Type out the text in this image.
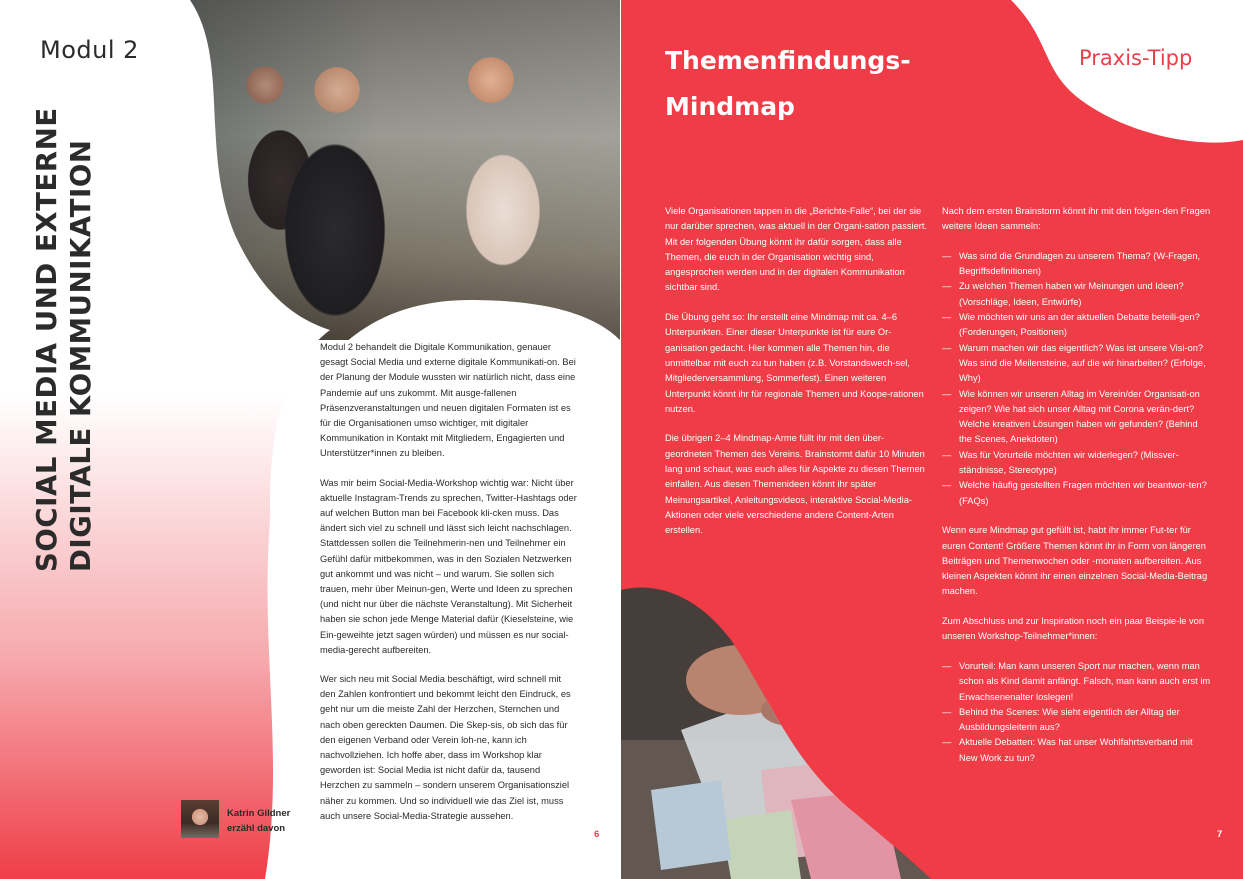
Modul 2
SOCIAL MEDIA UND EXTERNE DIGITALE KOMMUNIKATION	Modul 2 behandelt die Digitale Kommunikation, genauer gesagt Social Media und externe digitale Kommunikati-on. Bei der Planung der Module wussten wir natürlich nicht, dass eine Pandemie auf uns zukommt. Mit ausge-fallenen Präsenzveranstaltungen und neuen digitalen Formaten ist es für die Organisationen umso wichtiger, mit digitaler Kommunikation in Kontakt mit Mitgliedern, Engagierten und Unterstützer*innen zu bleiben.

Was mir beim Social-Media-Workshop wichtig war: Nicht über aktuelle Instagram-Trends zu sprechen, Twitter-Hashtags oder auf welchen Button man bei Facebook kli-cken muss. Das ändert sich viel zu schnell und lässt sich leicht nachschlagen. Stattdessen sollen die Teilnehmerin-nen und Teilnehmer ein Gefühl dafür mitbekommen, was in den Sozialen Netzwerken gut ankommt und was nicht – und warum. Sie sollen sich trauen, mehr über Meinun-gen, Werte und Ideen zu sprechen (und nicht nur über die nächste Veranstaltung). Mit Sicherheit haben sie schon jede Menge Material dafür (Kieselsteine, wie Ein-geweihte jetzt sagen würden) und müssen es nur social-media-gerecht aufbereiten.

Wer sich neu mit Social Media beschäftigt, wird schnell mit den Zahlen konfrontiert und bekommt leicht den Eindruck, es geht nur um die meiste Zahl der Herzchen, Sternchen und nach oben gereckten Daumen. Die Skep-sis, ob sich das für den eigenen Verband oder Verein loh-ne, kann ich nachvollziehen. Ich hoffe aber, dass im Workshop klar geworden ist: Social Media ist nicht dafür da, tausend Herzchen zu sammeln – sondern unserem Organisationsziel näher zu kommen. Und so individuell wie das Ziel ist, muss auch unsere Social-Media-Strategie aussehen.

Katrin Gildner
erzähl davon
6
Praxis-Tipp
Themenfindungs-
Mindmap

Viele Organisationen tappen in die „Berichte-Falle“, bei der sie nur darüber sprechen, was aktuell in der Organi-sation passiert. Mit der folgenden Übung könnt ihr dafür sorgen, dass alle Themen, die euch in der Organisation wichtig sind, angesprochen werden und in der digitalen Kommunikation sichtbar sind.

Die Übung geht so: Ihr erstellt eine Mindmap mit ca. 4–6 Unterpunkten. Einer dieser Unterpunkte ist für eure Or-ganisation gedacht. Hier kommen alle Themen hin, die unmittelbar mit euch zu tun haben (z.B. Vorstandswech-sel, Mitgliederversammlung, Sommerfest). Einen weiteren Unterpunkt könnt ihr für regionale Themen und Koope-rationen nutzen.

Die übrigen 2–4 Mindmap-Arme füllt ihr mit den über-geordneten Themen des Vereins. Brainstormt dafür 10 Minuten lang und schaut, was euch alles für Aspekte zu diesen Themen einfallen. Aus diesen Themenideen könnt ihr später Meinungsartikel, Anleitungsvideos, interaktive Social-Media-Aktionen oder viele verschiedene andere Content-Arten erstellen.

Nach dem ersten Brainstorm könnt ihr mit den folgen-den Fragen weitere Ideen sammeln:

— Was sind die Grundlagen zu unserem Thema? (W-Fragen, Begriffsdefinitionen)
— Zu welchen Themen haben wir Meinungen und Ideen? (Vorschläge, Ideen, Entwürfe)
— Wie möchten wir uns an der aktuellen Debatte beteili-gen? (Forderungen, Positionen)
— Warum machen wir das eigentlich? Was ist unsere Visi-on? Was sind die Meilensteine, auf die wir hinarbeiten? (Erfolge, Why)
— Wie können wir unseren Alltag im Verein/der Organisati-on zeigen? Wie hat sich unser Alltag mit Corona verän-dert? Welche kreativen Lösungen haben wir gefunden? (Behind the Scenes, Anekdoten)
— Was für Vorurteile möchten wir widerlegen? (Missver-ständnisse, Stereotype)
— Welche häufig gestellten Fragen möchten wir beantwor-ten? (FAQs)

Wenn eure Mindmap gut gefüllt ist, habt ihr immer Fut-ter für euren Content! Größere Themen könnt ihr in Form von längeren Beiträgen und Themenwochen oder -monaten aufbereiten. Aus kleinen Aspekten könnt ihr einen einzelnen Social-Media-Beitrag machen.

Zum Abschluss und zur Inspiration noch ein paar Beispie-le von unseren Workshop-Teilnehmer*innen:

— Vorurteil: Man kann unseren Sport nur machen, wenn man schon als Kind damit anfängt. Falsch, man kann auch erst im Erwachsenenalter loslegen!
— Behind the Scenes: Wie sieht eigentlich der Alltag der Ausbildungsleiterin aus?
— Aktuelle Debatten: Was hat unser Wohlfahrtsverband mit New Work zu tun?
7
